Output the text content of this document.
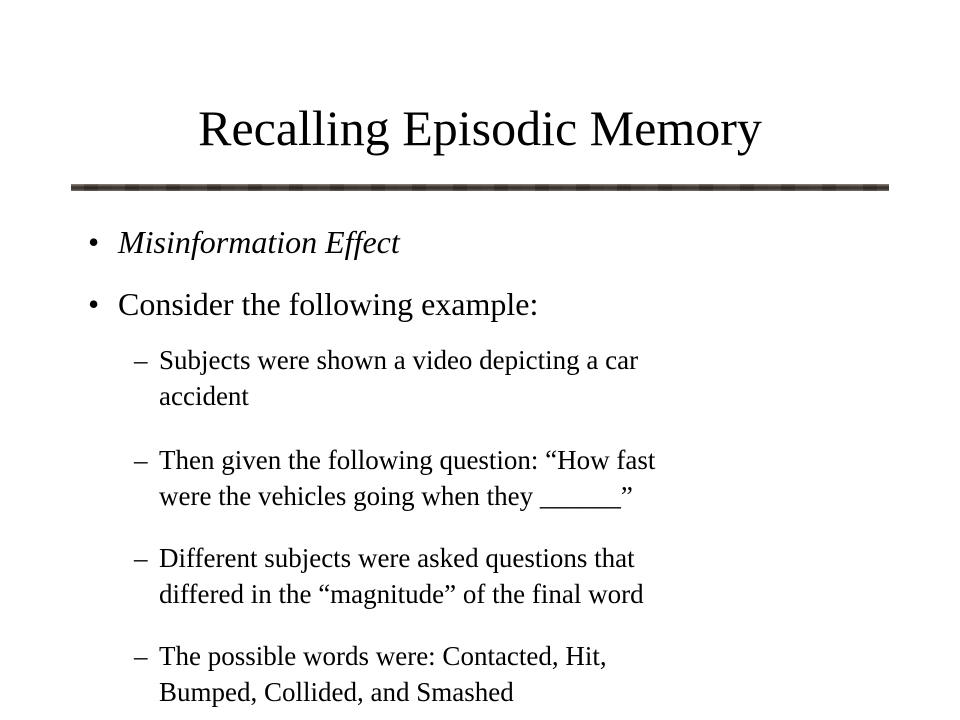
Recalling Episodic Memory
• Misinformation Effect
• Consider the following example:
– Subjects were shown a video depicting a car
accident
– Then given the following question: “How fast
were the vehicles going when they ______”
– Different subjects were asked questions that
differed in the “magnitude” of the final word
– The possible words were: Contacted, Hit,
Bumped, Collided, and Smashed
